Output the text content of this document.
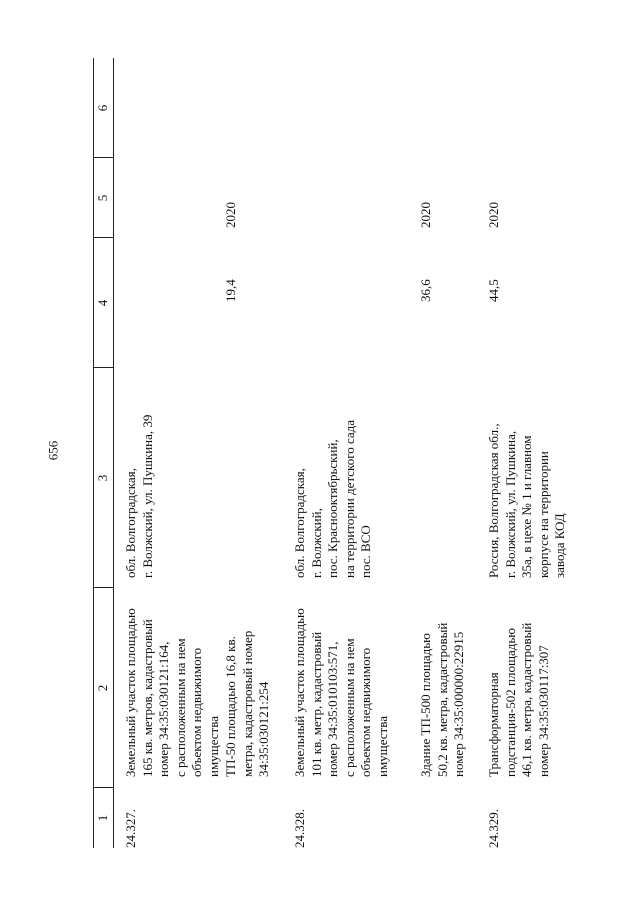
656
1
2
3
4
5
6
24.327.
Земельный участок площадью 165 кв. метров, кадастровый номер 34:35:030121:164, с расположенным на нем объектом недвижимого имущества
обл. Волгоградская, г. Волжский, ул. Пушкина, 39
ТП-50 площадью 16,8 кв. метра, кадастровый номер 34:35:030121:254
19,4
2020
24.328.
Земельный участок площадью 101 кв. метр, кадастровый номер 34:35:010103:571, с расположенным на нем объектом недвижимого имущества
обл. Волгоградская, г. Волжский, пос. Краснооктябрьский, на территории детского сада пос. ВСО
Здание ТП-500 площадью 50,2 кв. метра, кадастровый номер 34:35:000000:22915
36,6
2020
24.329.
Трансформаторная подстанция-502 площадью 46,1 кв. метра, кадастровый номер 34:35:030117:307
Россия, Волгоградская обл., г. Волжский, ул. Пушкина, 35а, в цехе № 1 и главном корпусе на территории завода КОД
44,5
2020
